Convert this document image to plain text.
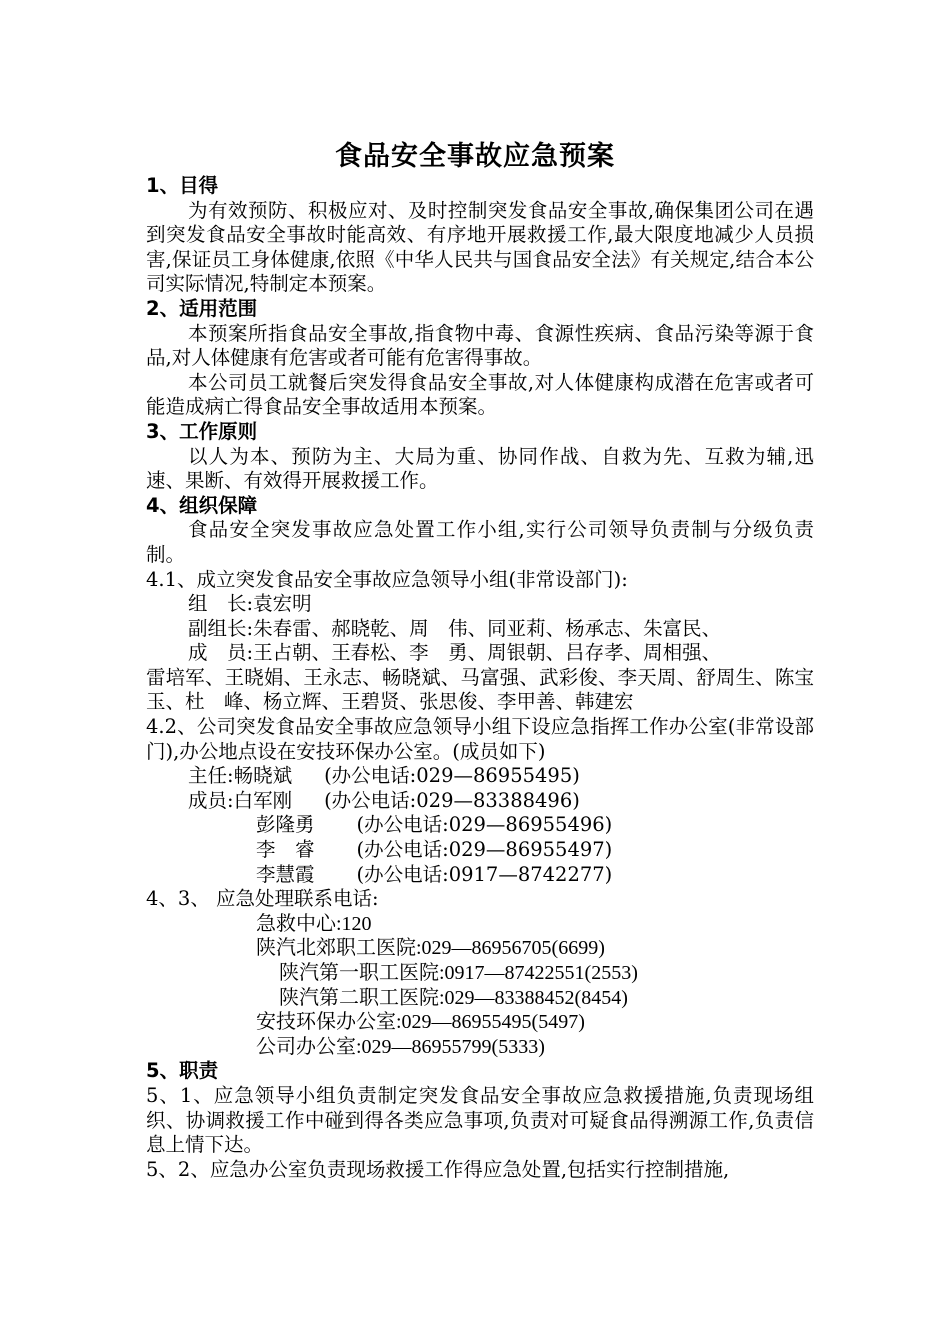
食品安全事故应急预案

1、目得

为有效预防、积极应对、及时控制突发食品安全事故,确保集团公司在遇到突发食品安全事故时能高效、有序地开展救援工作,最大限度地减少人员损害,保证员工身体健康,依照《中华人民共与国食品安全法》有关规定,结合本公司实际情况,特制定本预案。

2、适用范围

本预案所指食品安全事故,指食物中毒、食源性疾病、食品污染等源于食品,对人体健康有危害或者可能有危害得事故。

本公司员工就餐后突发得食品安全事故,对人体健康构成潜在危害或者可能造成病亡得食品安全事故适用本预案。

3、工作原则

以人为本、预防为主、大局为重、协同作战、自救为先、互救为辅,迅速、果断、有效得开展救援工作。

4、组织保障

食品安全突发事故应急处置工作小组,实行公司领导负责制与分级负责制。

4.1、成立突发食品安全事故应急领导小组(非常设部门):

组　长:袁宏明

副组长:朱春雷、郝晓乾、周　伟、同亚莉、杨承志、朱富民、

成　员:王占朝、王春松、李　勇、周银朝、吕存孝、周相强、

雷培军、王晓娟、王永志、畅晓斌、马富强、武彩俊、李天周、舒周生、陈宝玉、杜　峰、杨立辉、王碧贤、张思俊、李甲善、韩建宏

4.2、公司突发食品安全事故应急领导小组下设应急指挥工作办公室(非常设部门),办公地点设在安技环保办公室。(成员如下)

主任:畅晓斌 (办公电话:029—86955495)

成员:白军刚 (办公电话:029—83388496)

彭隆勇 (办公电话:029—86955496)

李　睿 (办公电话:029—86955497)

李慧霞 (办公电话:0917—8742277)

4、3、 应急处理联系电话:

急救中心:120

陕汽北郊职工医院:029—86956705(6699)

陕汽第一职工医院:0917—87422551(2553)

陕汽第二职工医院:029—83388452(8454)

安技环保办公室:029—86955495(5497)

公司办公室:029—86955799(5333)

5、职责

5、1、应急领导小组负责制定突发食品安全事故应急救援措施,负责现场组织、协调救援工作中碰到得各类应急事项,负责对可疑食品得溯源工作,负责信息上情下达。

5、2、应急办公室负责现场救援工作得应急处置,包括实行控制措施,
